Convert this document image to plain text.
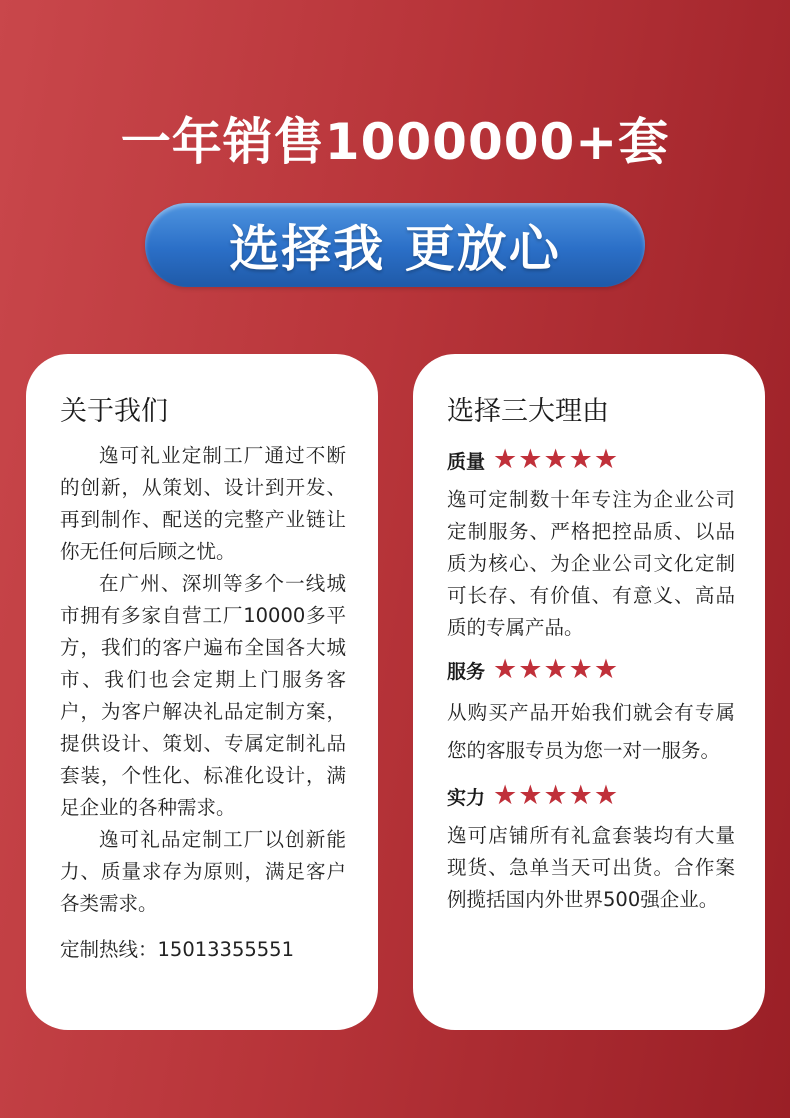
一年销售1000000+套
选择我 更放心
关于我们

逸可礼业定制工厂通过不断的创新，从策划、设计到开发、再到制作、配送的完整产业链让你无任何后顾之忧。

在广州、深圳等多个一线城市拥有多家自营工厂10000多平方，我们的客户遍布全国各大城市、我们也会定期上门服务客户，为客户解决礼品定制方案，提供设计、策划、专属定制礼品套装，个性化、标准化设计，满足企业的各种需求。

逸可礼品定制工厂以创新能力、质量求存为原则，满足客户各类需求。

定制热线：15013355551
选择三大理由
质量 ★ ★ ★ ★ ★
逸可定制数十年专注为企业公司定制服务、严格把控品质、以品质为核心、为企业公司文化定制可长存、有价值、有意义、高品质的专属产品。
服务 ★ ★ ★ ★ ★
从购买产品开始我们就会有专属您的客服专员为您一对一服务。
实力 ★ ★ ★ ★ ★
逸可店铺所有礼盒套装均有大量现货、急单当天可出货。合作案例揽括国内外世界500强企业。
